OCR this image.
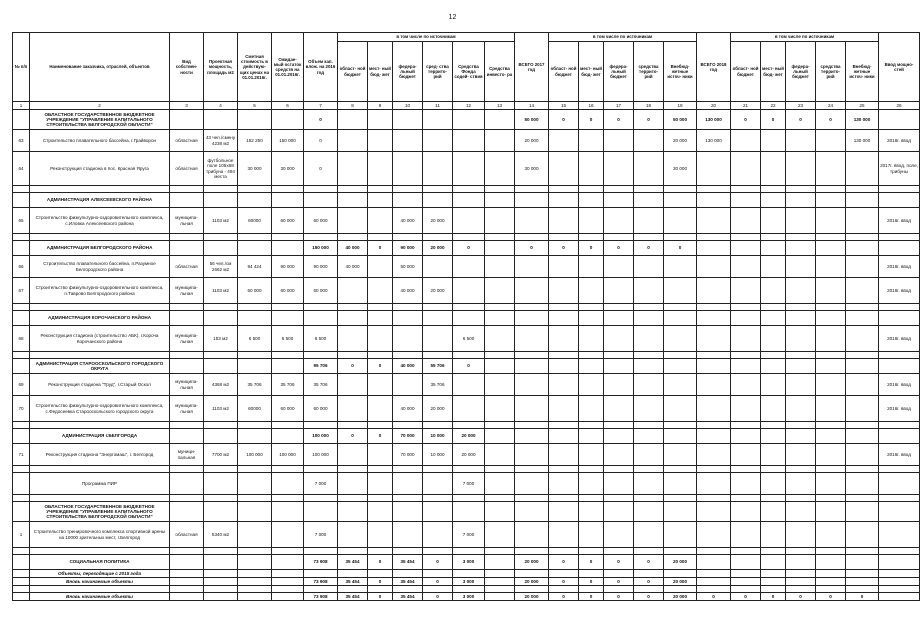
12
№ п/п	Наименование заказчика, отраслей, объектов	Вид собствен- ности	Проектная мощность, площадь м2	Сметная стоимость в действую- щих ценах на 01.01.2016г.	Ожидае- мый остаток средств на 01.01.2016г.	Объем кап. влож. на 2016 год	в том числе по источникам						ВСЕГО 2017 год	в том числе по источникам					ВСЕГО 2018 год	в том числе по источникам					Ввод мощно- стей
							област- ной бюджет	мест- ный бюд- жет	федера- льный бюджет	сред- ства террито- рий	Средства Фонда содей- ствия	Средства инвесто- ра		област- ной бюджет	мест- ный бюд- жет	федера- льный бюджет	средства террито- рий	Внебюд- жетные источ- ники		област- ной бюджет	мест- ный бюд- жет	федера- льный бюджет	средства террито- рий	Внебюд- жетные источ- ники	
1	2	3	4	5	6	7	8	9	10	11	12	13	14	15	16	17	18	19	20	21	22	23	24	25	26
	ОБЛАСТНОЕ ГОСУДАРСТВЕННОЕ БЮДЖЕТНОЕ УЧРЕЖДЕНИЕ "УПРАВЛЕНИЕ КАПИТАЛЬНОГО СТРОИТЕЛЬСТВА БЕЛГОРОДСКОЙ ОБЛАСТИ"					0							50 000	0	0	0	0	50 000	130 000	0	0	0	0	130 000	
63	Строительство плавательного бассейна, г.Грайворон	областная	43 чел./смену 4238 м2	152 250	150 000	0							20 000					20 000	130 000					130 000	2018г. ввод
64	Реконструкция стадиона в пос. Красная Яруга	областная	футбольное поле 105х68 трибуна - 494 места	30 000	30 000	0							30 000					30 000							2017г. ввод, поле, трибуны

	АДМИНИСТРАЦИЯ АЛЕКСЕЕВСКОГО РАЙОНА																								
65	Строительство физкультурно-оздоровительного комплекса, с.Иловка Алексеевского района	муниципа- льная	1103 м2	60000	60 000	60 000			40 000	20 000															2016г. ввод

	АДМИНИСТРАЦИЯ БЕЛГОРОДСКОГО РАЙОНА					150 000	40 000	0	90 000	20 000	0		0	0	0	0	0	0							
66	Строительство плавательного бассейна, п.Разумное Белгородского района	областная	56 чел./см 2662 м2	94 424	90 000	90 000	40 000		50 000																2016г. ввод
67	Строительство физкультурно-оздоровительного комплекса, п.Таврово Белгородского района	муниципа- льная	1103 м2	60 000	60 000	60 000			40 000	20 000															2016г. ввод

	АДМИНИСТРАЦИЯ КОРОЧАНСКОГО РАЙОНА																								
68	Реконструкция стадиона (строительство АБК), г.Короча Корочанского района	муниципа- льная	153 м2	6 500	6 500	6 500					6 500														2016г. ввод

	АДМИНИСТРАЦИЯ СТАРООСКОЛЬСКОГО ГОРОДСКОГО ОКРУГА					95 706	0	0	40 000	55 706	0														
69	Реконструкция стадиона "Труд", г.Старый Оскол	муниципа- льная	4368 м2	35 706	35 706	35 706				35 706															2016г. ввод
70	Строительство физкультурно-оздоровительного комплекса, с.Федосеевка Старооскольского городского округа	муниципа- льная	1103 м2	60000	60 000	60 000			40 000	20 000															2016г. ввод

	АДМИНИСТРАЦИЯ г.БЕЛГОРОДА					100 000	0	0	70 000	10 000	20 000														
71	Реконструкция стадиона "Энергомаш", г. Белгород	муници- пальная	7700 м2	100 000	100 000	100 000			70 000	10 000	20 000														2016г. ввод

	Программа ПИР					7 000					7 000														

	ОБЛАСТНОЕ ГОСУДАРСТВЕННОЕ БЮДЖЕТНОЕ УЧРЕЖДЕНИЕ "УПРАВЛЕНИЕ КАПИТАЛЬНОГО СТРОИТЕЛЬСТВА БЕЛГОРОДСКОЙ ОБЛАСТИ"																								
1	Строительство тренировочного комплекса спортивной арены на 10000 зрительных мест, г.Белгород	областная	5340 м2			7 000					7 000														

	СОЦИАЛЬНАЯ ПОЛИТИКА					73 908	35 454	0	35 454	0	3 000		20 000	0	0	0	0	20 000							
	Объекты, переходящие с 2015 года																								
	Вновь начинаемые объекты					73 908	35 454	0	35 454	0	3 000		20 000	0	0	0	0	20 000							

	Вновь начинаемые объекты					73 908	35 454	0	35 454	0	3 000		20 000	0	0	0	0	20 000	0	0	0	0	0	0	
